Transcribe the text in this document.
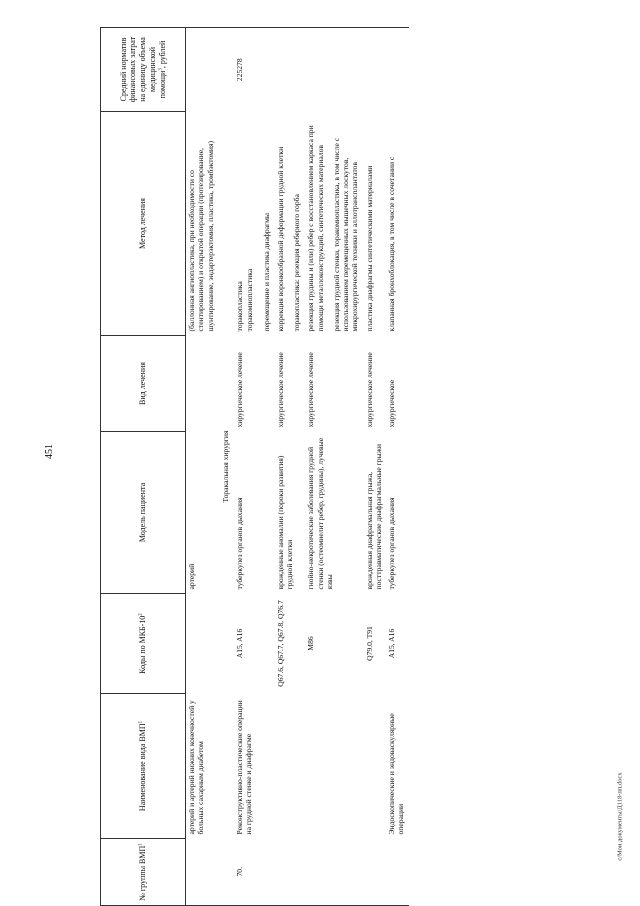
451
№ группы ВМП$^1$	Наименование вида ВМП$^1$	Коды по МКБ-$10^2$	Модель пациента	Вид лечения	Метод лечения	Средний норматив финансовых затрат на единицу объема медицинской помощи$^3$, рублей
	артерий и артерий нижних конечностей у больных сахарным диабетом		артерий		(баллонная ангиопластика, при необходимости со стентированием) и открытой операции (протезирование, шунтирование, эндартерэктомия, пластика, тромбэктомия)	
Торакальная хирургия						
70.	Реконструктивно-пластические операции на грудной стенке и диафрагме	A15, A16	туберкулез органов дыхания	хирургическое лечение	торакопластика торакомиопластика перемещение и пластика диафрагмы	225278
		Q67.6, Q67.7, Q67.8, Q76.7	врожденные аномалии (пороки развития) грудной клетки	хирургическое лечение	коррекция воронкообразной деформации грудной клетки торакопластика: резекция реберного горба	

		M86	гнойно-некротические заболевания грудной стенки (остеомиелит ребер, грудины), лучевые язвы	хирургическое лечение	резекция грудины и (или) ребер с восстановлением каркаса при помощи металлоконструкций, синтетических материалов резекция грудной стенки, торакомиопластика, в том числе с использованием перемещенных мышечных лоскутов, микрохирургической техники и аллотрансплантатов	

		Q79.0, T91	врожденная диафрагмальная грыжа, посттравматические диафрагмальные грыжи	хирургическое лечение	пластика диафрагмы синтетическими материалами	

	Эндоскопические и эндоваскулярные операции	A15, A16	туберкулез органов дыхания	хирургическое	клапанная бронхоблокация, в том числе в сочетании с	

с/Мои документы/Д118-пп.docx
